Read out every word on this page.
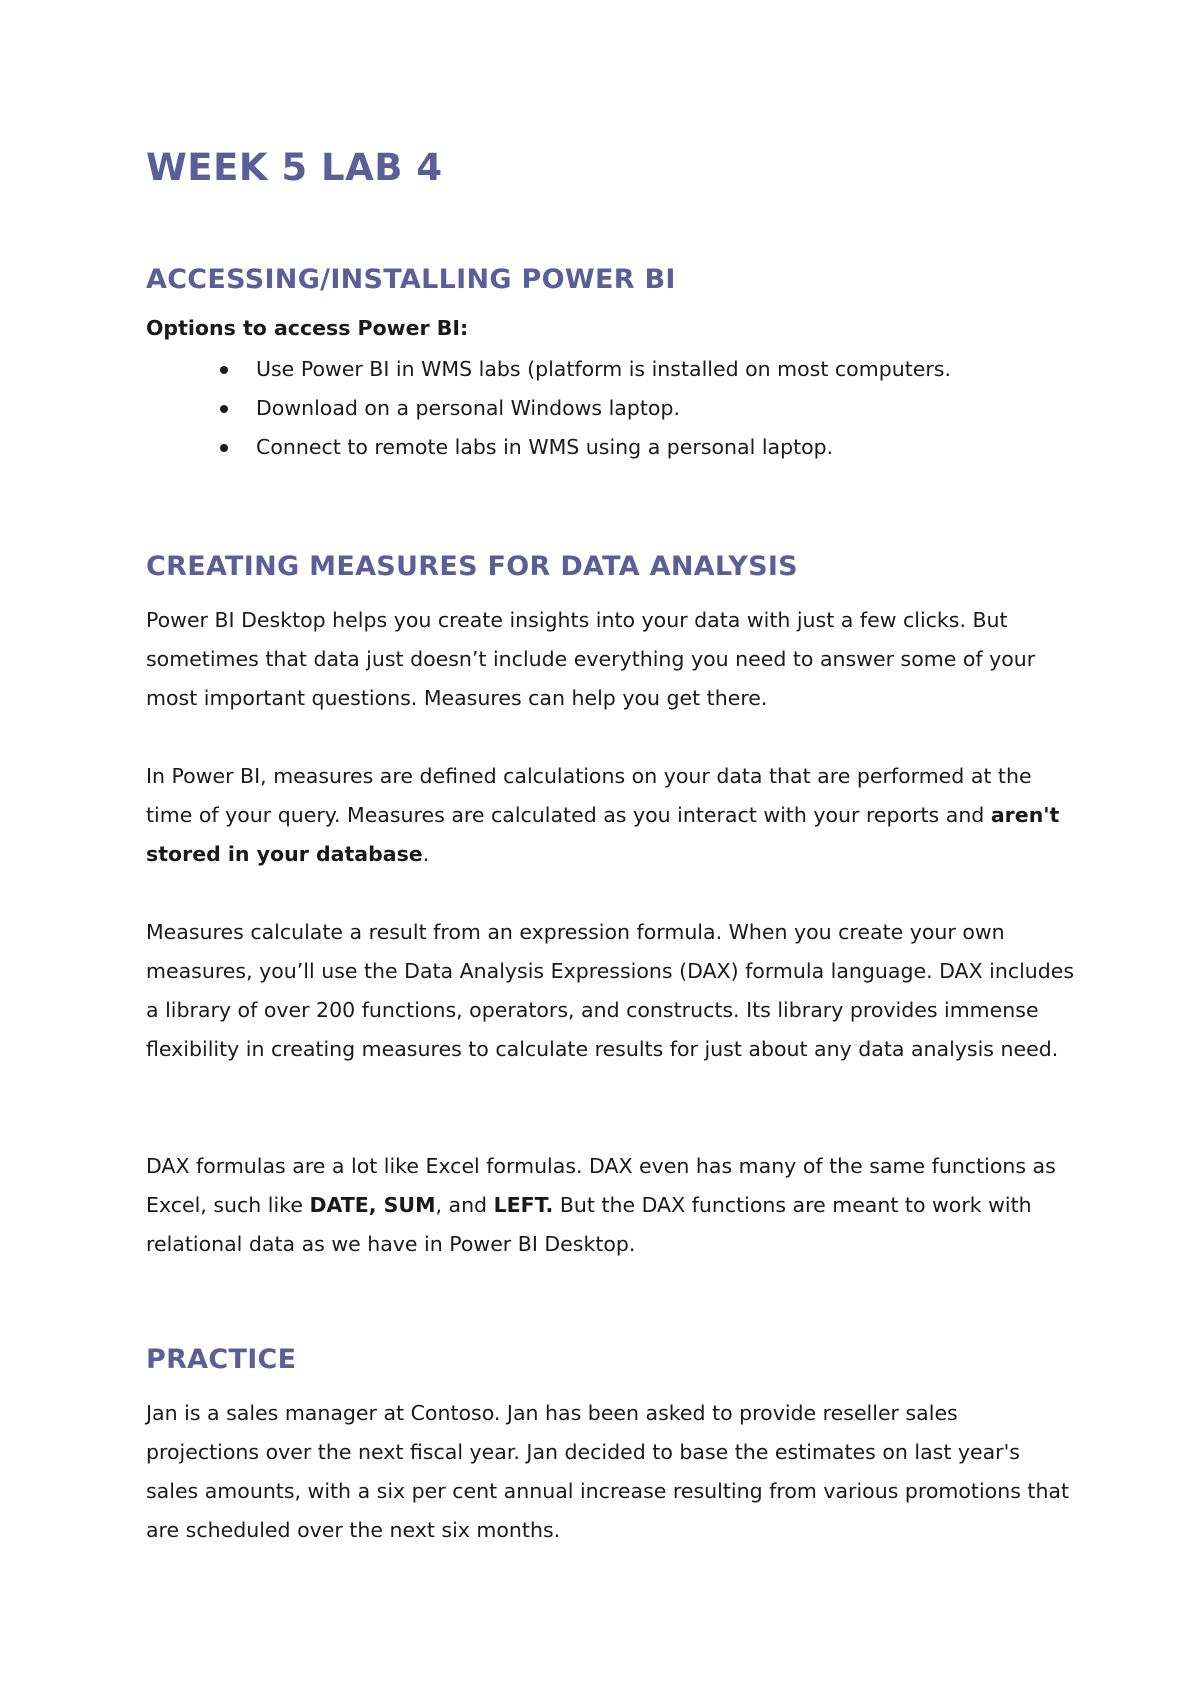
WEEK 5 LAB 4
ACCESSING/INSTALLING POWER BI

Options to access Power BI:

Use Power BI in WMS labs (platform is installed on most computers.
Download on a personal Windows laptop.
Connect to remote labs in WMS using a personal laptop.
CREATING MEASURES FOR DATA ANALYSIS

Power BI Desktop helps you create insights into your data with just a few clicks. But sometimes that data just doesn’t include everything you need to answer some of your most important questions. Measures can help you get there.

In Power BI, measures are defined calculations on your data that are performed at the time of your query. Measures are calculated as you interact with your reports and aren't stored in your database.

Measures calculate a result from an expression formula. When you create your own measures, you’ll use the Data Analysis Expressions (DAX) formula language. DAX includes a library of over 200 functions, operators, and constructs. Its library provides immense flexibility in creating measures to calculate results for just about any data analysis need.

DAX formulas are a lot like Excel formulas. DAX even has many of the same functions as Excel, such like DATE, SUM, and LEFT. But the DAX functions are meant to work with relational data as we have in Power BI Desktop.

PRACTICE

Jan is a sales manager at Contoso. Jan has been asked to provide reseller sales projections over the next fiscal year. Jan decided to base the estimates on last year's sales amounts, with a six per cent annual increase resulting from various promotions that are scheduled over the next six months.
